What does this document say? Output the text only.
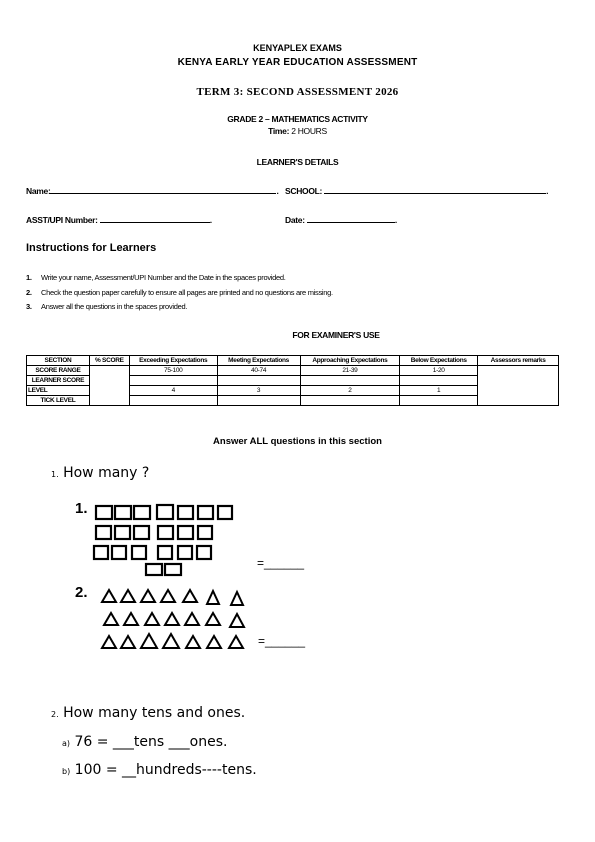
KENYAPLEX EXAMS
KENYA EARLY YEAR EDUCATION ASSESSMENT
TERM 3: SECOND ASSESSMENT 2026
GRADE 2 – MATHEMATICS ACTIVITY
Time: 2 HOURS
LEARNER'S DETAILS
Name:	. SCHOOL:	.
ASST/UPI Number:	.	Date:	.
Instructions for Learners
1. Write your name, Assessment/UPI Number and the Date in the spaces provided.
2. Check the question paper carefully to ensure all pages are printed and no questions are missing.
3. Answer all the questions in the spaces provided.
FOR EXAMINER'S USE
SECTION	% SCORE	Exceeding Expectations	Meeting Expectations	Approaching Expectations	Below Expectations	Assessors remarks
SCORE RANGE		75-100	40-74	21-39	1-20	
LEARNER SCORE						
LEVEL		4	3	2	1	
TICK LEVEL						
Answer ALL questions in this section
1. How many ?
1.
=______
2.
=______
2. How many tens and ones.
a) 76 = ___tens ___ones.
b) 100 = __hundreds----tens.
